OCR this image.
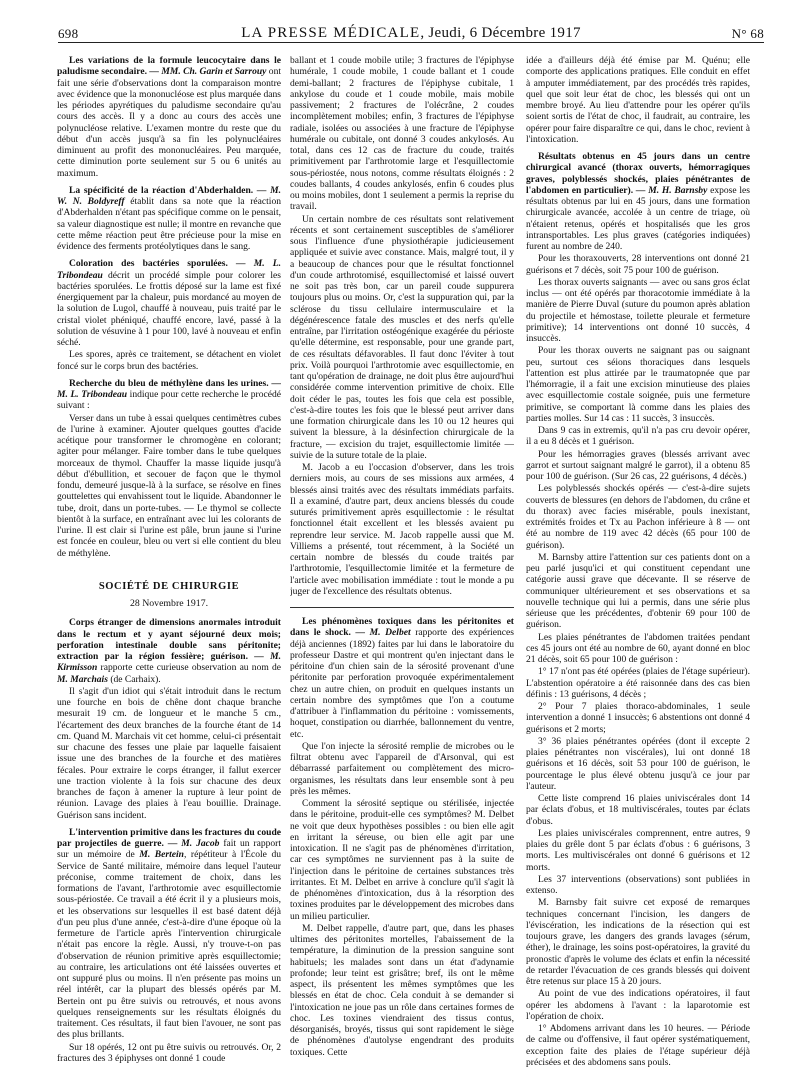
698	LA PRESSE MÉDICALE, Jeudi, 6 Décembre 1917	N° 68

Les variations de la formule leucocytaire dans le paludisme secondaire. — MM. Ch. Garin et Sarrouy ont fait une série d'observations dont la comparaison montre avec évidence que la mononucléose est plus marquée dans les périodes apyrétiques du paludisme secondaire qu'au cours des accès. Il y a donc au cours des accès une polynucléose relative. L'examen montre du reste que du début d'un accès jusqu'à sa fin les polynucléaires diminuent au profit des mononucléaires. Peu marquée, cette diminution porte seulement sur 5 ou 6 unités au maximum.

La spécificité de la réaction d'Abderhalden. — M. W. N. Boldyreff établit dans sa note que la réaction d'Abderhalden n'étant pas spécifique comme on le pensait, sa valeur diagnostique est nulle; il montre en revanche que cette même réaction peut être précieuse pour la mise en évidence des ferments protéolytiques dans le sang.

Coloration des bactéries sporulées. — M. L. Tribondeau décrit un procédé simple pour colorer les bactéries sporulées. Le frottis déposé sur la lame est fixé énergiquement par la chaleur, puis mordancé au moyen de la solution de Lugol, chauffé à nouveau, puis traité par le cristal violet phéniqué, chauffé encore, lavé, passé à la solution de vésuvine à 1 pour 100, lavé à nouveau et enfin séché.

Les spores, après ce traitement, se détachent en violet foncé sur le corps brun des bactéries.

Recherche du bleu de méthylène dans les urines. — M. L. Tribondeau indique pour cette recherche le procédé suivant :

Verser dans un tube à essai quelques centimètres cubes de l'urine à examiner. Ajouter quelques gouttes d'acide acétique pour transformer le chromogène en colorant; agiter pour mélanger. Faire tomber dans le tube quelques morceaux de thymol. Chauffer la masse liquide jusqu'à début d'ébullition, et secouer de façon que le thymol fondu, demeuré jusque-là à la surface, se résolve en fines gouttelettes qui envahissent tout le liquide. Abandonner le tube, droit, dans un porte-tubes. — Le thymol se collecte bientôt à la surface, en entraînant avec lui les colorants de l'urine. Il est clair si l'urine est pâle, brun jaune si l'urine est foncée en couleur, bleu ou vert si elle contient du bleu de méthylène.

SOCIÉTÉ DE CHIRURGIE
28 Novembre 1917.

Corps étranger de dimensions anormales introduit dans le rectum et y ayant séjourné deux mois; perforation intestinale double sans péritonite; extraction par la région fessière; guérison. — M. Kirmisson rapporte cette curieuse observation au nom de M. Marchais (de Carhaix).

Il s'agit d'un idiot qui s'était introduit dans le rectum une fourche en bois de chêne dont chaque branche mesurait 19 cm. de longueur et le manche 5 cm., l'écartement des deux branches de la fourche étant de 14 cm. Quand M. Marchais vit cet homme, celui-ci présentait sur chacune des fesses une plaie par laquelle faisaient issue une des branches de la fourche et des matières fécales. Pour extraire le corps étranger, il fallut exercer une traction violente à la fois sur chacune des deux branches de façon à amener la rupture à leur point de réunion. Lavage des plaies à l'eau bouillie. Drainage. Guérison sans incident.

L'intervention primitive dans les fractures du coude par projectiles de guerre. — M. Jacob fait un rapport sur un mémoire de M. Bertein, répétiteur à l'École du Service de Santé militaire, mémoire dans lequel l'auteur préconise, comme traitement de choix, dans les formations de l'avant, l'arthrotomie avec esquillectomie sous-périostée. Ce travail a été écrit il y a plusieurs mois, et les observations sur lesquelles il est basé datent déjà d'un peu plus d'une année, c'est-à-dire d'une époque où la fermeture de l'article après l'intervention chirurgicale n'était pas encore la règle. Aussi, n'y trouve-t-on pas d'observation de réunion primitive après esquillectomie; au contraire, les articulations ont été laissées ouvertes et ont suppuré plus ou moins. Il n'en présente pas moins un réel intérêt, car la plupart des blessés opérés par M. Bertein ont pu être suivis ou retrouvés, et nous avons quelques renseignements sur les résultats éloignés du traitement. Ces résultats, il faut bien l'avouer, ne sont pas des plus brillants.

Sur 18 opérés, 12 ont pu être suivis ou retrouvés. Or, 2 fractures des 3 épiphyses ont donné 1 coude

ballant et 1 coude mobile utile; 3 fractures de l'épiphyse humérale, 1 coude mobile, 1 coude ballant et 1 coude demi-ballant; 2 fractures de l'épiphyse cubitale, 1 ankylose du coude et 1 coude mobile, mais mobile passivement; 2 fractures de l'olécrâne, 2 coudes incomplètement mobiles; enfin, 3 fractures de l'épiphyse radiale, isolées ou associées à une fracture de l'épiphyse humérale ou cubitale, ont donné 3 coudes ankylosés. Au total, dans ces 12 cas de fracture du coude, traités primitivement par l'arthrotomie large et l'esquillectomie sous-périostée, nous notons, comme résultats éloignés : 2 coudes ballants, 4 coudes ankylosés, enfin 6 coudes plus ou moins mobiles, dont 1 seulement a permis la reprise du travail.

Un certain nombre de ces résultats sont relativement récents et sont certainement susceptibles de s'améliorer sous l'influence d'une physiothérapie judicieusement appliquée et suivie avec constance. Mais, malgré tout, il y a beaucoup de chances pour que le résultat fonctionnel d'un coude arthrotomisé, esquillectomisé et laissé ouvert ne soit pas très bon, car un pareil coude suppurera toujours plus ou moins. Or, c'est la suppuration qui, par la sclérose du tissu cellulaire intermusculaire et la dégénérescence fatale des muscles et des nerfs qu'elle entraîne, par l'irritation ostéogénique exagérée du périoste qu'elle détermine, est responsable, pour une grande part, de ces résultats défavorables. Il faut donc l'éviter à tout prix. Voilà pourquoi l'arthrotomie avec esquillectomie, en tant qu'opération de drainage, ne doit plus être aujourd'hui considérée comme intervention primitive de choix. Elle doit céder le pas, toutes les fois que cela est possible, c'est-à-dire toutes les fois que le blessé peut arriver dans une formation chirurgicale dans les 10 ou 12 heures qui suivent la blessure, à la désinfection chirurgicale de la fracture, — excision du trajet, esquillectomie limitée — suivie de la suture totale de la plaie.

M. Jacob a eu l'occasion d'observer, dans les trois derniers mois, au cours de ses missions aux armées, 4 blessés ainsi traités avec des résultats immédiats parfaits. Il a examiné, d'autre part, deux anciens blessés du coude suturés primitivement après esquillectomie : le résultat fonctionnel était excellent et les blessés avaient pu reprendre leur service. M. Jacob rappelle aussi que M. Villiems a présenté, tout récemment, à la Société un certain nombre de blessés du coude traités par l'arthrotomie, l'esquillectomie limitée et la fermeture de l'article avec mobilisation immédiate : tout le monde a pu juger de l'excellence des résultats obtenus.

Les phénomènes toxiques dans les péritonites et dans le shock. — M. Delbet rapporte des expériences déjà anciennes (1892) faites par lui dans le laboratoire du professeur Dastre et qui montrent qu'en injectant dans le péritoine d'un chien sain de la sérosité provenant d'une péritonite par perforation provoquée expérimentalement chez un autre chien, on produit en quelques instants un certain nombre des symptômes que l'on a coutume d'attribuer à l'inflammation du péritoine : vomissements, hoquet, constipation ou diarrhée, ballonnement du ventre, etc.

Que l'on injecte la sérosité remplie de microbes ou le filtrat obtenu avec l'appareil de d'Arsonval, qui est débarrassé parfaitement ou complètement des micro-organismes, les résultats dans leur ensemble sont à peu près les mêmes.

Comment la sérosité septique ou stérilisée, injectée dans le péritoine, produit-elle ces symptômes? M. Delbet ne voit que deux hypothèses possibles : ou bien elle agit en irritant la séreuse, ou bien elle agit par une intoxication. Il ne s'agit pas de phénomènes d'irritation, car ces symptômes ne surviennent pas à la suite de l'injection dans le péritoine de certaines substances très irritantes. Et M. Delbet en arrive à conclure qu'il s'agit là de phénomènes d'intoxication, dus à la résorption des toxines produites par le développement des microbes dans un milieu particulier.

M. Delbet rappelle, d'autre part, que, dans les phases ultimes des péritonites mortelles, l'abaissement de la température, la diminution de la pression sanguine sont habituels; les malades sont dans un état d'adynamie profonde; leur teint est grisâtre; bref, ils ont le même aspect, ils présentent les mêmes symptômes que les blessés en état de choc. Cela conduit à se demander si l'intoxication ne joue pas un rôle dans certaines formes de choc. Les toxines viendraient des tissus contus, désorganisés, broyés, tissus qui sont rapidement le siège de phénomènes d'autolyse engendrant des produits toxiques. Cette

idée a d'ailleurs déjà été émise par M. Quénu; elle comporte des applications pratiques. Elle conduit en effet à amputer immédiatement, par des procédés très rapides, quel que soit leur état de choc, les blessés qui ont un membre broyé. Au lieu d'attendre pour les opérer qu'ils soient sortis de l'état de choc, il faudrait, au contraire, les opérer pour faire disparaître ce qui, dans le choc, revient à l'intoxication.

Résultats obtenus en 45 jours dans un centre chirurgical avancé (thorax ouverts, hémorragiques graves, polyblessés shockés, plaies pénétrantes de l'abdomen en particulier). — M. H. Barnsby expose les résultats obtenus par lui en 45 jours, dans une formation chirurgicale avancée, accolée à un centre de triage, où n'étaient retenus, opérés et hospitalisés que les gros intransportables. Les plus graves (catégories indiquées) furent au nombre de 240.

Pour les thoraxouverts, 28 interventions ont donné 21 guérisons et 7 décès, soit 75 pour 100 de guérison.

Les thorax ouverts saignants — avec ou sans gros éclat inclus — ont été opérés par thoracotomie immédiate à la manière de Pierre Duval (suture du poumon après ablation du projectile et hémostase, toilette pleurale et fermeture primitive); 14 interventions ont donné 10 succès, 4 insuccès.

Pour les thorax ouverts ne saignant pas ou saignant peu, surtout ces séions thoraciques dans lesquels l'attention est plus attirée par le traumatopnée que par l'hémorragie, il a fait une excision minutieuse des plaies avec esquillectomie costale soignée, puis une fermeture primitive, se comportant là comme dans les plaies des parties molles. Sur 14 cas : 11 succès, 3 insuccès.

Dans 9 cas in extremis, qu'il n'a pas cru devoir opérer, il a eu 8 décès et 1 guérison.

Pour les hémorragies graves (blessés arrivant avec garrot et surtout saignant malgré le garrot), il a obtenu 85 pour 100 de guérison. (Sur 26 cas, 22 guérisons, 4 décès.)

Les polyblessés shockés opérés — c'est-à-dire sujets couverts de blessures (en dehors de l'abdomen, du crâne et du thorax) avec facies misérable, pouls inexistant, extrémités froides et Tx au Pachon inférieure à 8 — ont été au nombre de 119 avec 42 décès (65 pour 100 de guérison).

M. Barnsby attire l'attention sur ces patients dont on a peu parlé jusqu'ici et qui constituent cependant une catégorie aussi grave que décevante. Il se réserve de communiquer ultérieurement et ses observations et sa nouvelle technique qui lui a permis, dans une série plus sérieuse que les précédentes, d'obtenir 69 pour 100 de guérison.

Les plaies pénétrantes de l'abdomen traitées pendant ces 45 jours ont été au nombre de 60, ayant donné en bloc 21 décès, soit 65 pour 100 de guérison :

1° 17 n'ont pas été opérées (plaies de l'étage supérieur). L'abstention opératoire a été raisonnée dans des cas bien définis : 13 guérisons, 4 décès ;

2° Pour 7 plaies thoraco-abdominales, 1 seule intervention a donné 1 insuccès; 6 abstentions ont donné 4 guérisons et 2 morts;

3° 36 plaies pénétrantes opérées (dont il excepte 2 plaies pénétrantes non viscérales), lui ont donné 18 guérisons et 16 décès, soit 53 pour 100 de guérison, le pourcentage le plus élevé obtenu jusqu'à ce jour par l'auteur.

Cette liste comprend 16 plaies univiscérales dont 14 par éclats d'obus, et 18 multiviscérales, toutes par éclats d'obus.

Les plaies univiscérales comprennent, entre autres, 9 plaies du grêle dont 5 par éclats d'obus : 6 guérisons, 3 morts. Les multiviscérales ont donné 6 guérisons et 12 morts.

Les 37 interventions (observations) sont publiées in extenso.

M. Barnsby fait suivre cet exposé de remarques techniques concernant l'incision, les dangers de l'éviscération, les indications de la résection qui est toujours grave, les dangers des grands lavages (sérum, éther), le drainage, les soins post-opératoires, la gravité du pronostic d'après le volume des éclats et enfin la nécessité de retarder l'évacuation de ces grands blessés qui doivent être retenus sur place 15 à 20 jours.

Au point de vue des indications opératoires, il faut opérer les abdomens à l'avant : la laparotomie est l'opération de choix.

1° Abdomens arrivant dans les 10 heures. — Période de calme ou d'offensive, il faut opérer systématiquement, exception faite des plaies de l'étage supérieur déjà précisées et des abdomens sans pouls.
